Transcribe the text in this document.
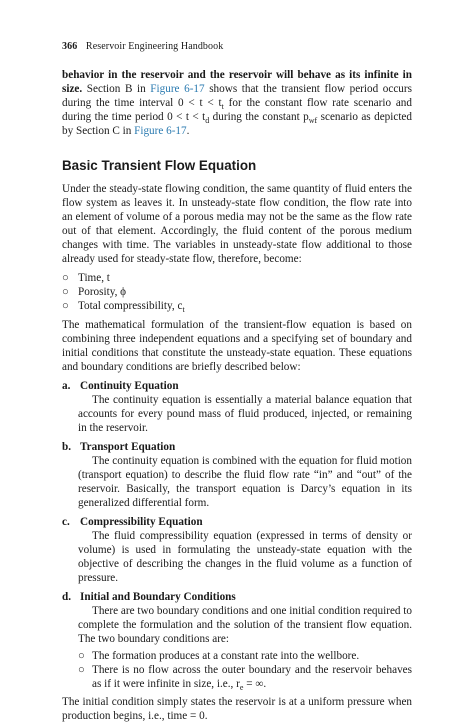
366 Reservoir Engineering Handbook

behavior in the reservoir and the reservoir will behave as its infinite in size. Section B in Figure 6-17 shows that the transient flow period occurs during the time interval $0 < t < t_t$ for the constant flow rate scenario and during the time period $0 < t < t_d$ during the constant $p_{wf}$ scenario as depicted by Section C in Figure 6-17.

Basic Transient Flow Equation

Under the steady-state flowing condition, the same quantity of fluid enters the flow system as leaves it. In unsteady-state flow condition, the flow rate into an element of volume of a porous media may not be the same as the flow rate out of that element. Accordingly, the fluid content of the porous medium changes with time. The variables in unsteady-state flow additional to those already used for steady-state flow, therefore, become:

○ Time, t
○ Porosity, ϕ
○ Total compressibility, $c_t$

The mathematical formulation of the transient-flow equation is based on combining three independent equations and a specifying set of boundary and initial conditions that constitute the unsteady-state equation. These equations and boundary conditions are briefly described below:

a. Continuity Equation
The continuity equation is essentially a material balance equation that accounts for every pound mass of fluid produced, injected, or remaining in the reservoir.
b. Transport Equation
The continuity equation is combined with the equation for fluid motion (transport equation) to describe the fluid flow rate “in” and “out” of the reservoir. Basically, the transport equation is Darcy’s equation in its generalized differential form.
c. Compressibility Equation
The fluid compressibility equation (expressed in terms of density or volume) is used in formulating the unsteady-state equation with the objective of describing the changes in the fluid volume as a function of pressure.
d. Initial and Boundary Conditions
There are two boundary conditions and one initial condition required to complete the formulation and the solution of the transient flow equation. The two boundary conditions are:
○ The formation produces at a constant rate into the wellbore.
○ There is no flow across the outer boundary and the reservoir behaves as if it were infinite in size, i.e., $r_e$ = ∞.

The initial condition simply states the reservoir is at a uniform pressure when production begins, i.e., time = 0.
